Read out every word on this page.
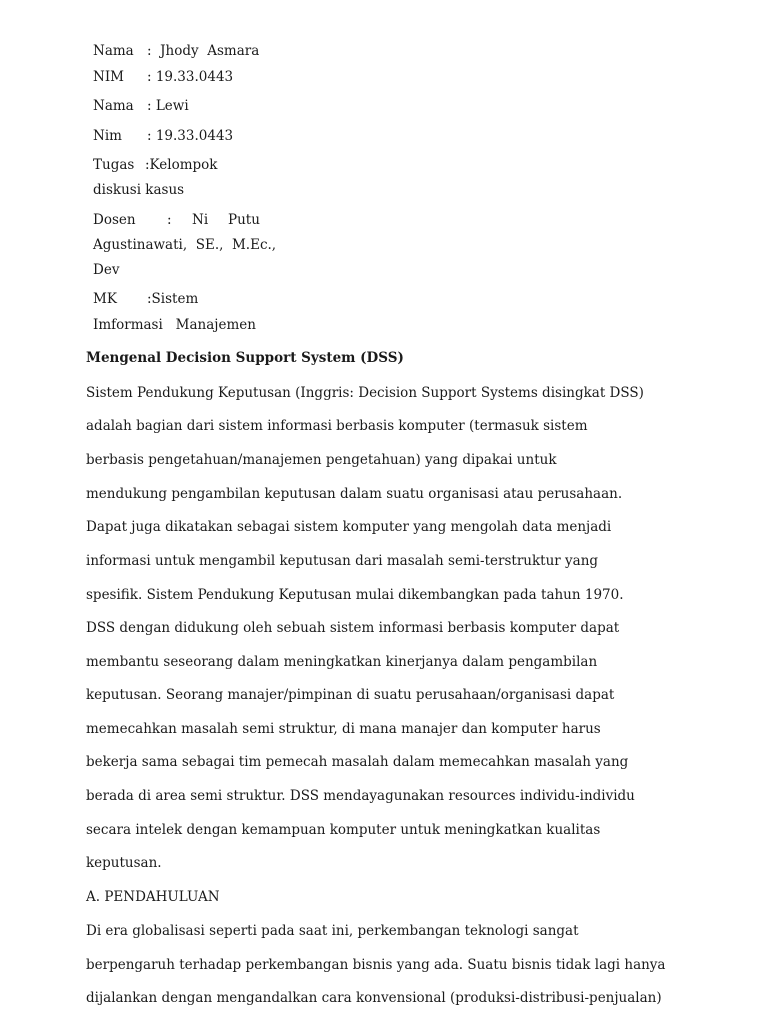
Nama :  Jhody  Asmara
NIM : 19.33.0443
Nama : Lewi
Nim : 19.33.0443
Tugas :Kelompok
diskusi kasus
Dosen : Ni Putu
Agustinawati,  SE.,  M.Ec.,
Dev
MK :Sistem
Imformasi   Manajemen
Mengenal Decision Support System (DSS)
Sistem Pendukung Keputusan (Inggris: Decision Support Systems disingkat DSS)
adalah bagian dari sistem informasi berbasis komputer (termasuk sistem
berbasis pengetahuan/manajemen pengetahuan) yang dipakai untuk
mendukung pengambilan keputusan dalam suatu organisasi atau perusahaan.
Dapat juga dikatakan sebagai sistem komputer yang mengolah data menjadi
informasi untuk mengambil keputusan dari masalah semi-terstruktur yang
spesifik. Sistem Pendukung Keputusan mulai dikembangkan pada tahun 1970.
DSS dengan didukung oleh sebuah sistem informasi berbasis komputer dapat
membantu seseorang dalam meningkatkan kinerjanya dalam pengambilan
keputusan. Seorang manajer/pimpinan di suatu perusahaan/organisasi dapat
memecahkan masalah semi struktur, di mana manajer dan komputer harus
bekerja sama sebagai tim pemecah masalah dalam memecahkan masalah yang
berada di area semi struktur. DSS mendayagunakan resources individu-individu
secara intelek dengan kemampuan komputer untuk meningkatkan kualitas
keputusan.
A. PENDAHULUAN
Di era globalisasi seperti pada saat ini, perkembangan teknologi sangat
berpengaruh terhadap perkembangan bisnis yang ada. Suatu bisnis tidak lagi hanya
dijalankan dengan mengandalkan cara konvensional (produksi-distribusi-penjualan)
